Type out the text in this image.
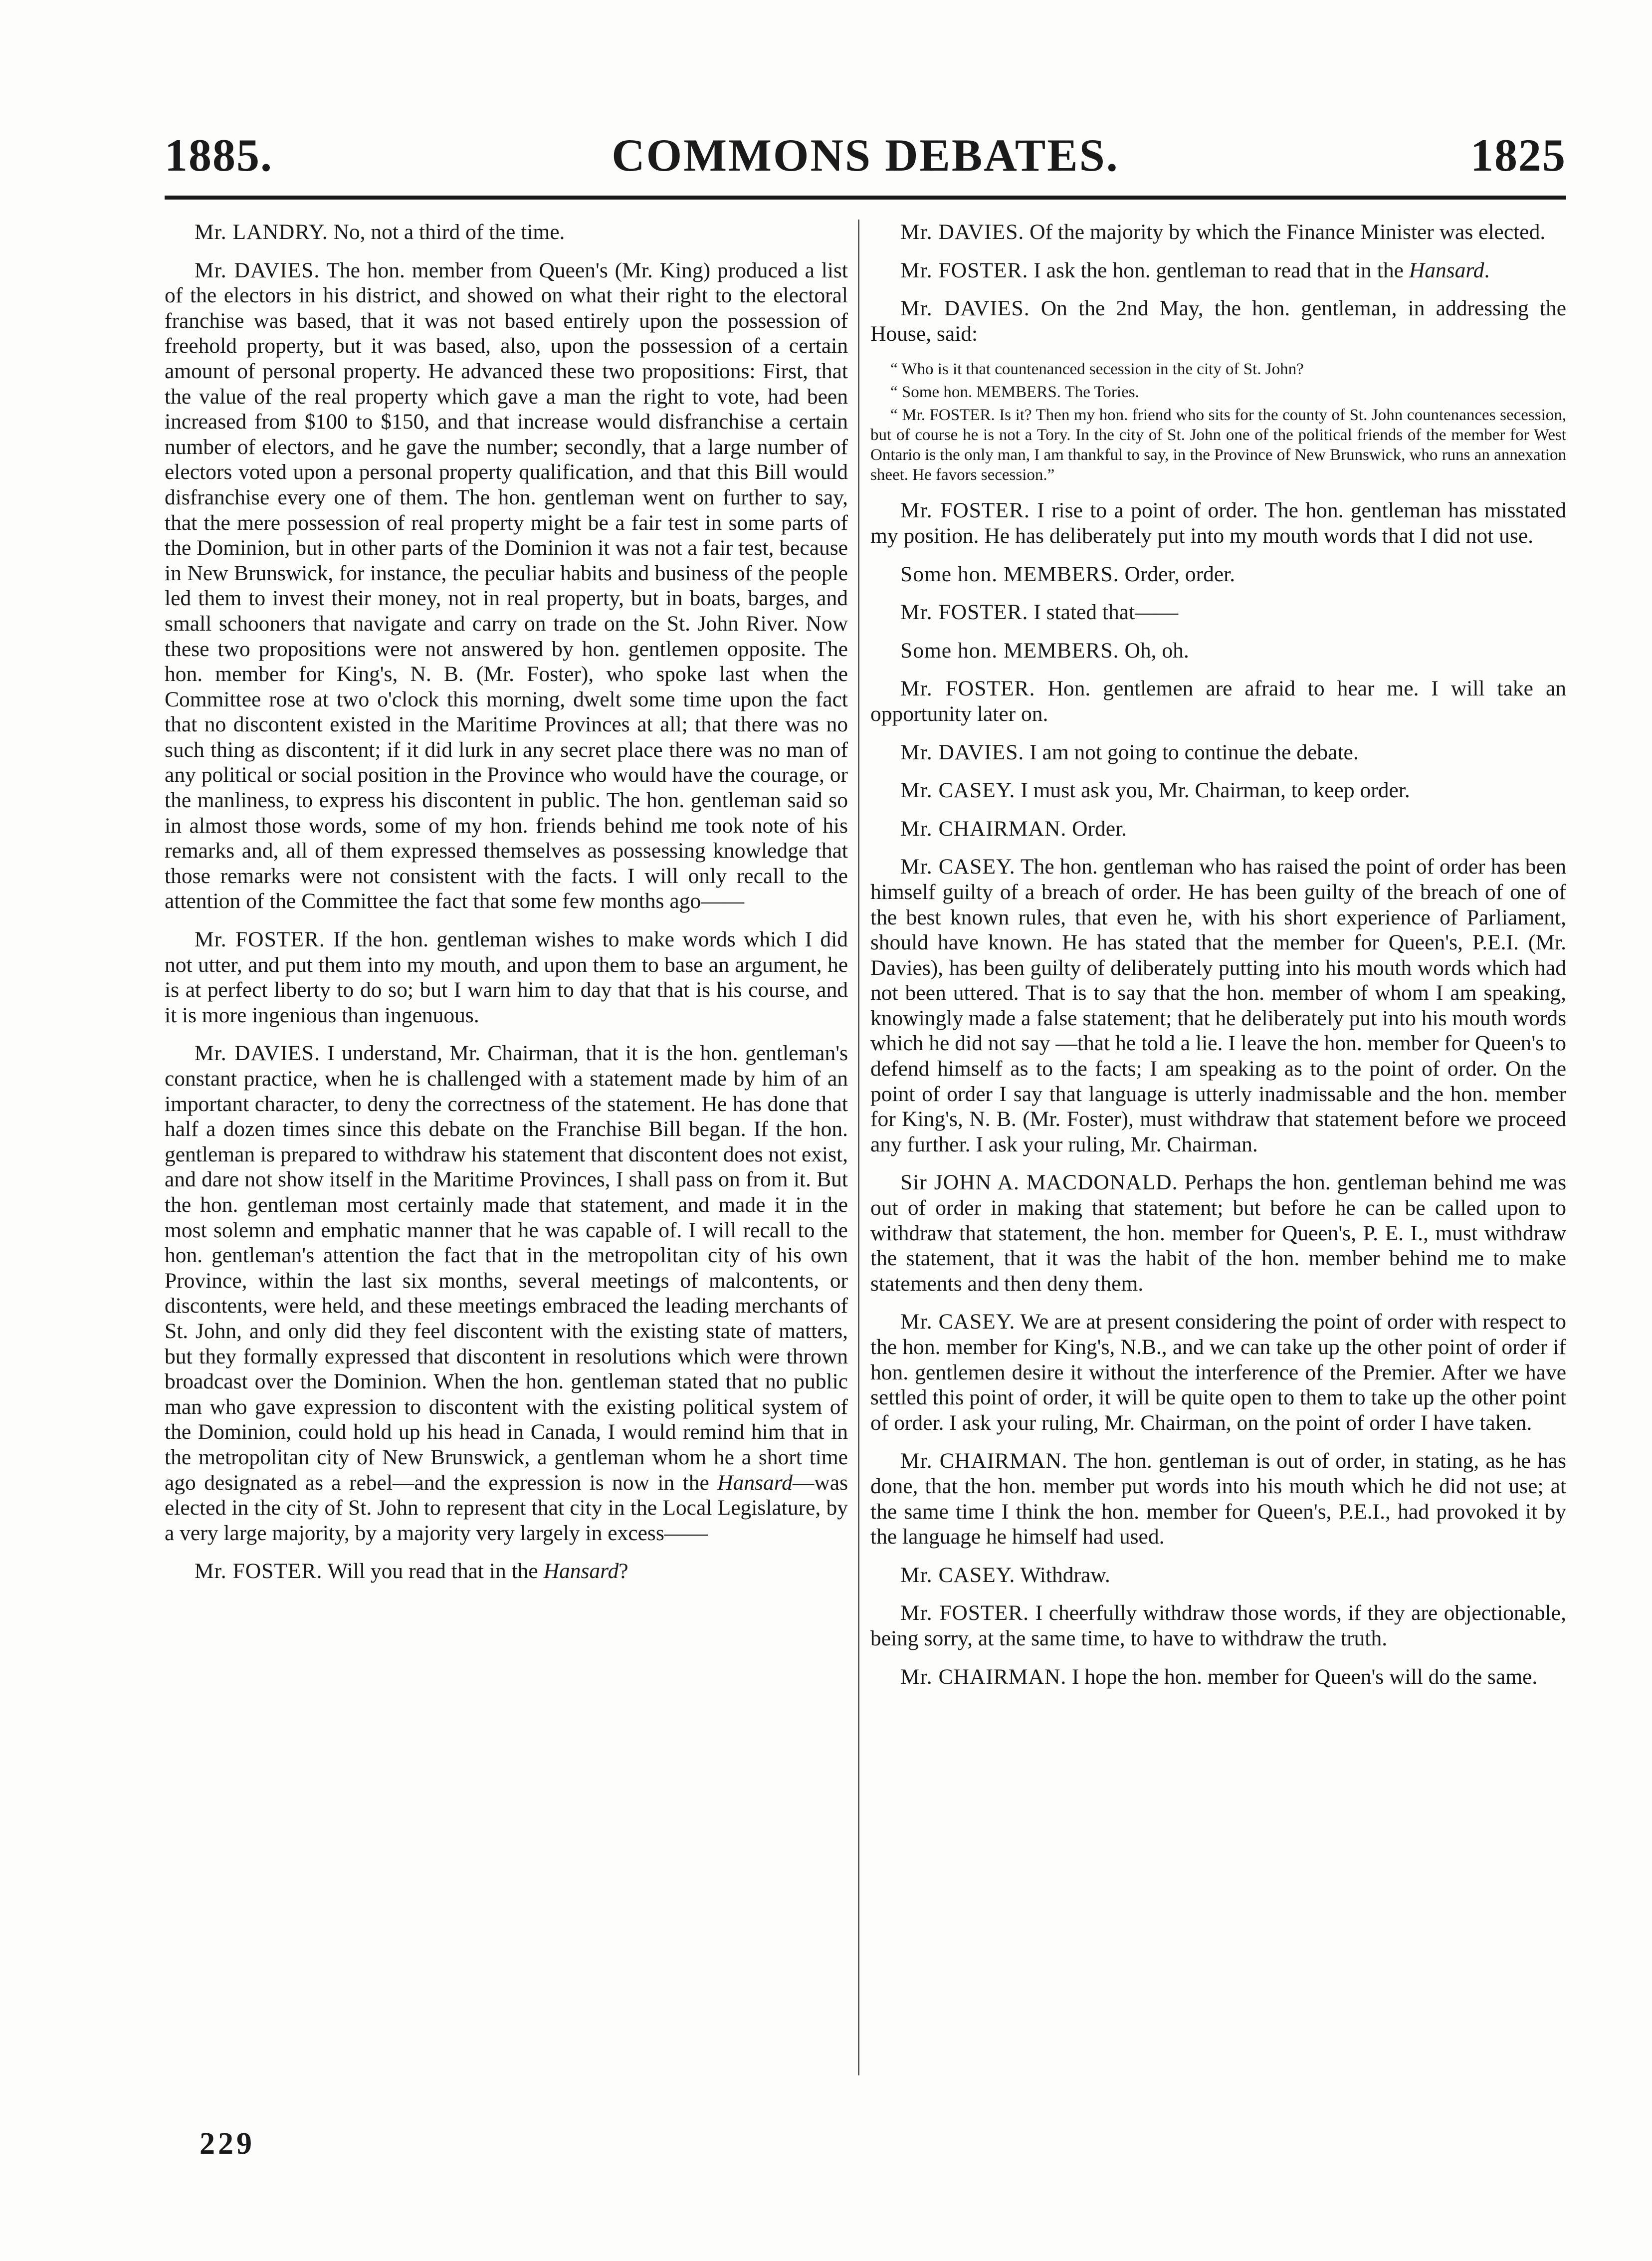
1885.	COMMONS DEBATES.	1825

Mr. LANDRY. No, not a third of the time.

Mr. DAVIES. The hon. member from Queen's (Mr. King) produced a list of the electors in his district, and showed on what their right to the electoral franchise was based, that it was not based entirely upon the possession of freehold property, but it was based, also, upon the possession of a certain amount of personal property. He advanced these two propositions: First, that the value of the real property which gave a man the right to vote, had been increased from $100 to $150, and that increase would disfranchise a certain number of electors, and he gave the number; secondly, that a large number of electors voted upon a personal property qualification, and that this Bill would disfranchise every one of them. The hon. gentleman went on further to say, that the mere possession of real property might be a fair test in some parts of the Dominion, but in other parts of the Dominion it was not a fair test, because in New Brunswick, for instance, the peculiar habits and business of the people led them to invest their money, not in real property, but in boats, barges, and small schooners that navigate and carry on trade on the St. John River. Now these two propositions were not answered by hon. gentlemen opposite. The hon. member for King's, N. B. (Mr. Foster), who spoke last when the Committee rose at two o'clock this morning, dwelt some time upon the fact that no discontent existed in the Maritime Provinces at all; that there was no such thing as discontent; if it did lurk in any secret place there was no man of any political or social position in the Province who would have the courage, or the manliness, to express his discontent in public. The hon. gentleman said so in almost those words, some of my hon. friends behind me took note of his remarks and, all of them expressed themselves as possessing knowledge that those remarks were not consistent with the facts. I will only recall to the attention of the Committee the fact that some few months ago——

Mr. FOSTER. If the hon. gentleman wishes to make words which I did not utter, and put them into my mouth, and upon them to base an argument, he is at perfect liberty to do so; but I warn him to day that that is his course, and it is more ingenious than ingenuous.

Mr. DAVIES. I understand, Mr. Chairman, that it is the hon. gentleman's constant practice, when he is challenged with a statement made by him of an important character, to deny the correctness of the statement. He has done that half a dozen times since this debate on the Franchise Bill began. If the hon. gentleman is prepared to withdraw his statement that discontent does not exist, and dare not show itself in the Maritime Provinces, I shall pass on from it. But the hon. gentleman most certainly made that statement, and made it in the most solemn and emphatic manner that he was capable of. I will recall to the hon. gentleman's attention the fact that in the metropolitan city of his own Province, within the last six months, several meetings of malcontents, or discontents, were held, and these meetings embraced the leading merchants of St. John, and only did they feel discontent with the existing state of matters, but they formally expressed that discontent in resolutions which were thrown broadcast over the Dominion. When the hon. gentleman stated that no public man who gave expression to discontent with the existing political system of the Dominion, could hold up his head in Canada, I would remind him that in the metropolitan city of New Brunswick, a gentleman whom he a short time ago designated as a rebel—and the expression is now in the Hansard—was elected in the city of St. John to represent that city in the Local Legislature, by a very large majority, by a majority very largely in excess——

Mr. FOSTER. Will you read that in the Hansard?

229

Mr. DAVIES. Of the majority by which the Finance Minister was elected.

Mr. FOSTER. I ask the hon. gentleman to read that in the Hansard.

Mr. DAVIES. On the 2nd May, the hon. gentleman, in addressing the House, said:

“ Who is it that countenanced secession in the city of St. John?

“ Some hon. MEMBERS. The Tories.

“ Mr. FOSTER. Is it? Then my hon. friend who sits for the county of St. John countenances secession, but of course he is not a Tory. In the city of St. John one of the political friends of the member for West Ontario is the only man, I am thankful to say, in the Province of New Brunswick, who runs an annexation sheet. He favors secession.”

Mr. FOSTER. I rise to a point of order. The hon. gentleman has misstated my position. He has deliberately put into my mouth words that I did not use.

Some hon. MEMBERS. Order, order.

Mr. FOSTER. I stated that——

Some hon. MEMBERS. Oh, oh.

Mr. FOSTER. Hon. gentlemen are afraid to hear me. I will take an opportunity later on.

Mr. DAVIES. I am not going to continue the debate.

Mr. CASEY. I must ask you, Mr. Chairman, to keep order.

Mr. CHAIRMAN. Order.

Mr. CASEY. The hon. gentleman who has raised the point of order has been himself guilty of a breach of order. He has been guilty of the breach of one of the best known rules, that even he, with his short experience of Parliament, should have known. He has stated that the member for Queen's, P.E.I. (Mr. Davies), has been guilty of deliberately putting into his mouth words which had not been uttered. That is to say that the hon. member of whom I am speaking, knowingly made a false statement; that he deliberately put into his mouth words which he did not say —that he told a lie. I leave the hon. member for Queen's to defend himself as to the facts; I am speaking as to the point of order. On the point of order I say that language is utterly inadmissable and the hon. member for King's, N. B. (Mr. Foster), must withdraw that statement before we proceed any further. I ask your ruling, Mr. Chairman.

Sir JOHN A. MACDONALD. Perhaps the hon. gentleman behind me was out of order in making that statement; but before he can be called upon to withdraw that statement, the hon. member for Queen's, P. E. I., must withdraw the statement, that it was the habit of the hon. member behind me to make statements and then deny them.

Mr. CASEY. We are at present considering the point of order with respect to the hon. member for King's, N.B., and we can take up the other point of order if hon. gentlemen desire it without the interference of the Premier. After we have settled this point of order, it will be quite open to them to take up the other point of order. I ask your ruling, Mr. Chairman, on the point of order I have taken.

Mr. CHAIRMAN. The hon. gentleman is out of order, in stating, as he has done, that the hon. member put words into his mouth which he did not use; at the same time I think the hon. member for Queen's, P.E.I., had provoked it by the language he himself had used.

Mr. CASEY. Withdraw.

Mr. FOSTER. I cheerfully withdraw those words, if they are objectionable, being sorry, at the same time, to have to withdraw the truth.

Mr. CHAIRMAN. I hope the hon. member for Queen's will do the same.
